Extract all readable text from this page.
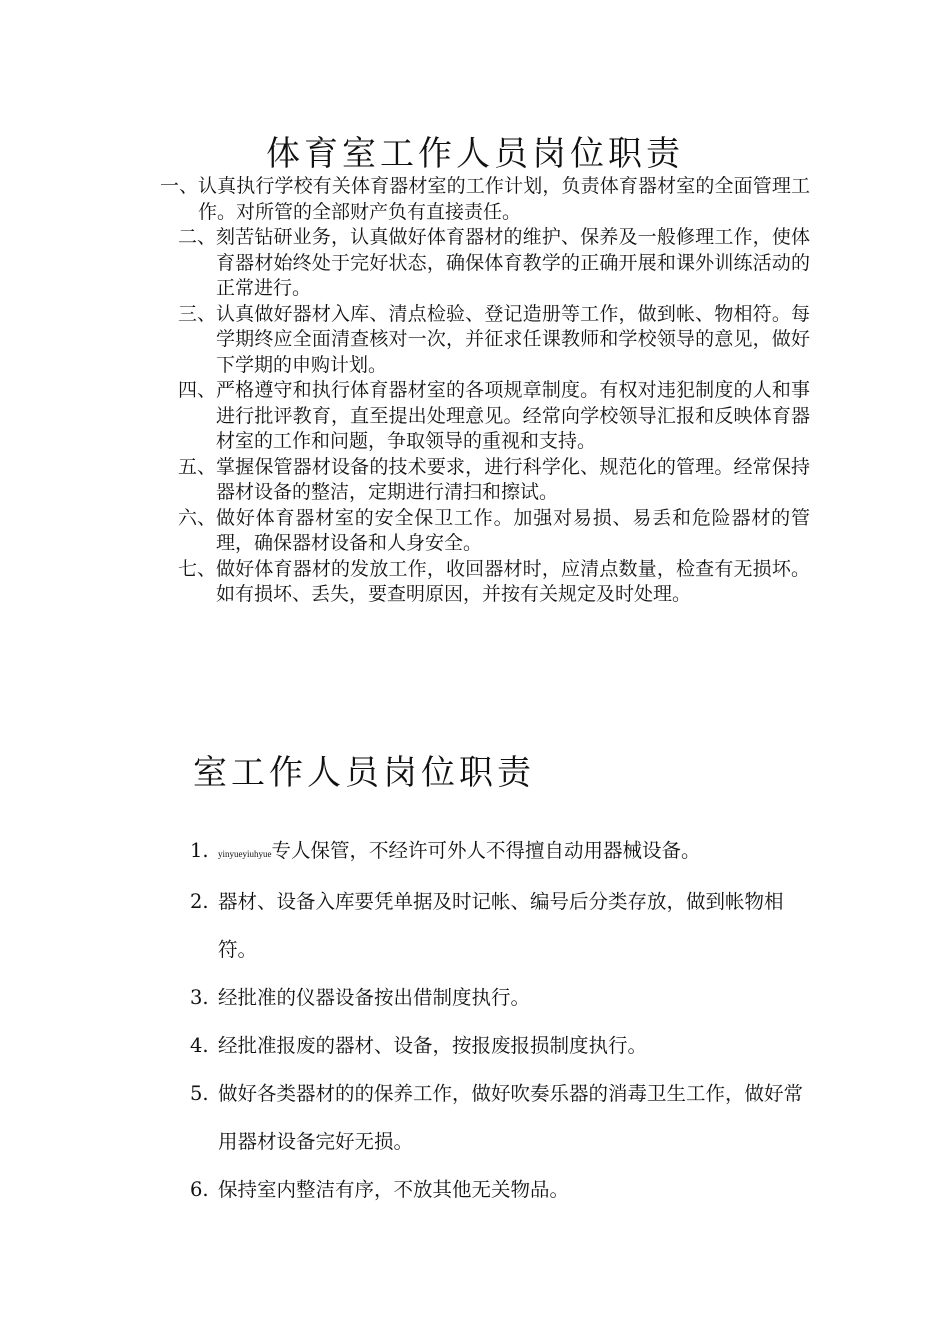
体育室工作人员岗位职责
一、 认真执行学校有关体育器材室的工作计划，负责体育器材室的全面管理工作。对所管的全部财产负有直接责任。
二、 刻苦钻研业务，认真做好体育器材的维护、保养及一般修理工作，使体育器材始终处于完好状态，确保体育教学的正确开展和课外训练活动的正常进行。
三、 认真做好器材入库、清点检验、登记造册等工作，做到帐、物相符。每学期终应全面清查核对一次，并征求任课教师和学校领导的意见，做好下学期的申购计划。
四、 严格遵守和执行体育器材室的各项规章制度。有权对违犯制度的人和事进行批评教育，直至提出处理意见。经常向学校领导汇报和反映体育器材室的工作和问题，争取领导的重视和支持。
五、 掌握保管器材设备的技术要求，进行科学化、规范化的管理。经常保持器材设备的整洁，定期进行清扫和擦试。
六、 做好体育器材室的安全保卫工作。加强对易损、易丢和危险器材的管理，确保器材设备和人身安全。
七、 做好体育器材的发放工作，收回器材时，应清点数量，检查有无损坏。如有损坏、丢失，要查明原因，并按有关规定及时处理。
室工作人员岗位职责
1.	yinyueyiuhyue专人保管，不经许可外人不得擅自动用器械设备。
2. 器材、设备入库要凭单据及时记帐、编号后分类存放，做到帐物相符。
3. 经批准的仪器设备按出借制度执行。
4. 经批准报废的器材、设备，按报废报损制度执行。
5. 做好各类器材的的保养工作，做好吹奏乐器的消毒卫生工作，做好常用器材设备完好无损。
6. 保持室内整洁有序，不放其他无关物品。
